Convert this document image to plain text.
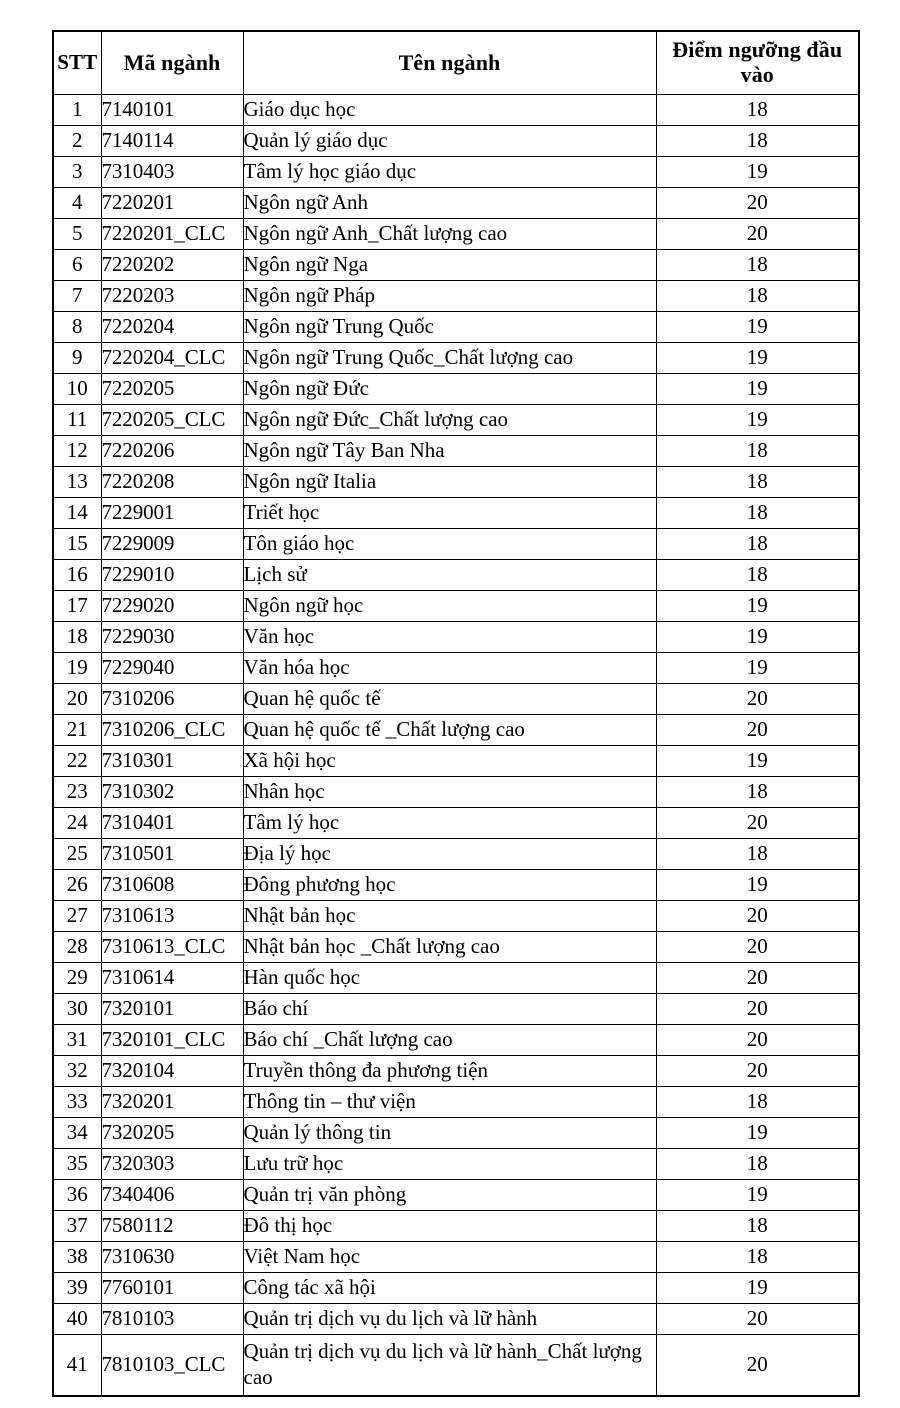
STT	Mã ngành	Tên ngành	Điểm ngưỡng đầu
vào
1	7140101	Giáo dục học	18
2	7140114	Quản lý giáo dục	18
3	7310403	Tâm lý học giáo dục	19
4	7220201	Ngôn ngữ Anh	20
5	7220201_CLC	Ngôn ngữ Anh_Chất lượng cao	20
6	7220202	Ngôn ngữ Nga	18
7	7220203	Ngôn ngữ Pháp	18
8	7220204	Ngôn ngữ Trung Quốc	19
9	7220204_CLC	Ngôn ngữ Trung Quốc_Chất lượng cao	19
10	7220205	Ngôn ngữ Đức	19
11	7220205_CLC	Ngôn ngữ Đức_Chất lượng cao	19
12	7220206	Ngôn ngữ Tây Ban Nha	18
13	7220208	Ngôn ngữ Italia	18
14	7229001	Triết học	18
15	7229009	Tôn giáo học	18
16	7229010	Lịch sử	18
17	7229020	Ngôn ngữ học	19
18	7229030	Văn học	19
19	7229040	Văn hóa học	19
20	7310206	Quan hệ quốc tế	20
21	7310206_CLC	Quan hệ quốc tế _Chất lượng cao	20
22	7310301	Xã hội học	19
23	7310302	Nhân học	18
24	7310401	Tâm lý học	20
25	7310501	Địa lý học	18
26	7310608	Đông phương học	19
27	7310613	Nhật bản học	20
28	7310613_CLC	Nhật bản học _Chất lượng cao	20
29	7310614	Hàn quốc học	20
30	7320101	Báo chí	20
31	7320101_CLC	Báo chí _Chất lượng cao	20
32	7320104	Truyền thông đa phương tiện	20
33	7320201	Thông tin – thư viện	18
34	7320205	Quản lý thông tin	19
35	7320303	Lưu trữ học	18
36	7340406	Quản trị văn phòng	19
37	7580112	Đô thị học	18
38	7310630	Việt Nam học	18
39	7760101	Công tác xã hội	19
40	7810103	Quản trị dịch vụ du lịch và lữ hành	20
41	7810103_CLC	Quản trị dịch vụ du lịch và lữ hành_Chất lượng cao	20
